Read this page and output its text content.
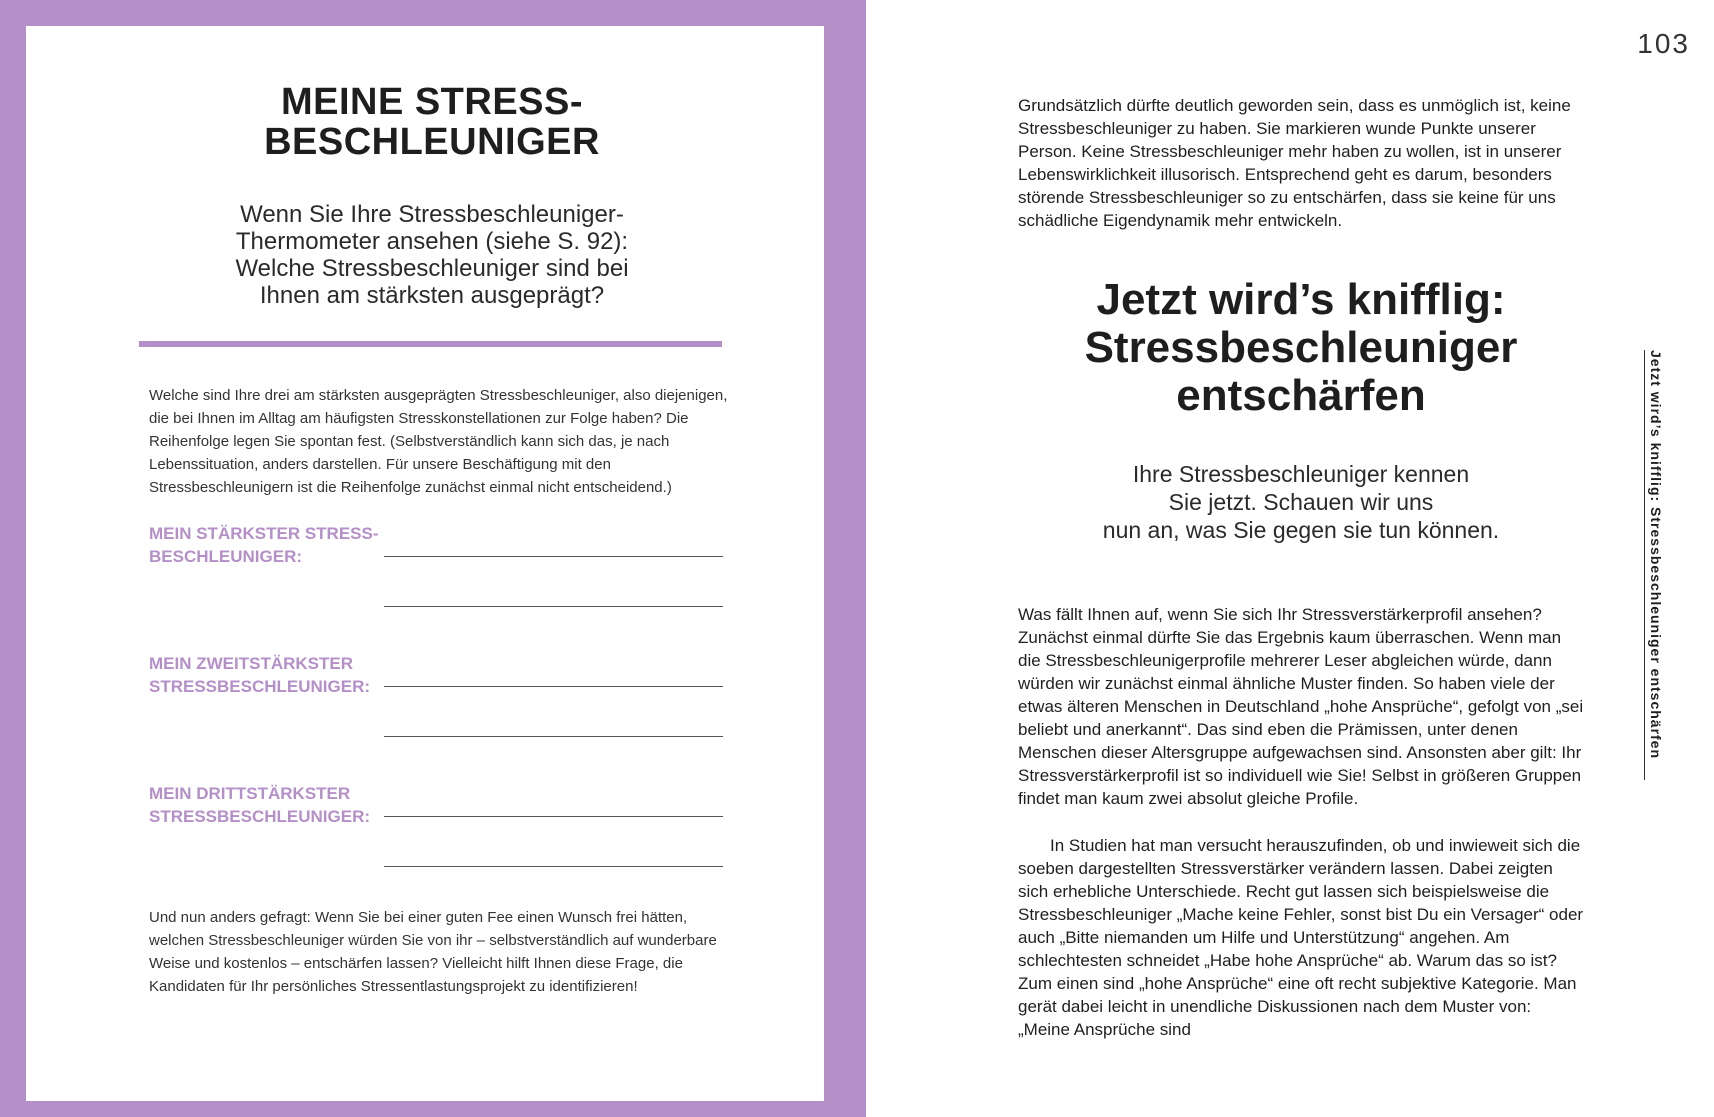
MEINE STRESS-
BESCHLEUNIGER

Wenn Sie Ihre Stressbeschleuniger-Thermometer ansehen (siehe S. 92): Welche Stressbeschleuniger sind bei Ihnen am stärksten ausgeprägt?

Welche sind Ihre drei am stärksten ausgeprägten Stressbeschleuniger, also diejenigen, die bei Ihnen im Alltag am häufigsten Stresskonstellationen zur Folge haben? Die Reihenfolge legen Sie spontan fest. (Selbstverständlich kann sich das, je nach Lebenssituation, anders darstellen. Für unsere Beschäftigung mit den Stressbeschleunigern ist die Reihenfolge zunächst einmal nicht entscheidend.)

MEIN STÄRKSTER STRESS-
BESCHLEUNIGER:

MEIN ZWEITSTÄRKSTER
STRESSBESCHLEUNIGER:

MEIN DRITTSTÄRKSTER
STRESSBESCHLEUNIGER:

Und nun anders gefragt: Wenn Sie bei einer guten Fee einen Wunsch frei hätten, welchen Stressbeschleuniger würden Sie von ihr – selbstverständlich auf wunderbare Weise und kostenlos – entschärfen lassen? Vielleicht hilft Ihnen diese Frage, die Kandidaten für Ihr persönliches Stressentlastungsprojekt zu identifizieren!

103

Grundsätzlich dürfte deutlich geworden sein, dass es unmöglich ist, keine Stressbeschleuniger zu haben. Sie markieren wunde Punkte unserer Person. Keine Stressbeschleuniger mehr haben zu wollen, ist in unserer Lebenswirklichkeit illusorisch. Entsprechend geht es darum, besonders störende Stressbeschleuniger so zu entschärfen, dass sie keine für uns schädliche Eigendynamik mehr entwickeln.

Jetzt wird’s knifflig:
Stressbeschleuniger
entschärfen

Ihre Stressbeschleuniger kennen
Sie jetzt. Schauen wir uns
nun an, was Sie gegen sie tun können.

Was fällt Ihnen auf, wenn Sie sich Ihr Stressverstärkerprofil ansehen? Zunächst einmal dürfte Sie das Ergebnis kaum überraschen. Wenn man die Stressbeschleunigerprofile mehrerer Leser abgleichen würde, dann würden wir zunächst einmal ähnliche Muster finden. So haben viele der etwas älteren Menschen in Deutschland „hohe Ansprüche“, gefolgt von „sei beliebt und anerkannt“. Das sind eben die Prämissen, unter denen Menschen dieser Altersgruppe aufgewachsen sind. Ansonsten aber gilt: Ihr Stressverstärkerprofil ist so individuell wie Sie! Selbst in größeren Gruppen findet man kaum zwei absolut gleiche Profile.

In Studien hat man versucht herauszufinden, ob und inwieweit sich die soeben dargestellten Stressverstärker verändern lassen. Dabei zeigten sich erhebliche Unterschiede. Recht gut lassen sich beispielsweise die Stressbeschleuniger „Mache keine Fehler, sonst bist Du ein Versager“ oder auch „Bitte niemanden um Hilfe und Unterstützung“ angehen. Am schlechtesten schneidet „Habe hohe Ansprüche“ ab. Warum das so ist? Zum einen sind „hohe Ansprüche“ eine oft recht subjektive Kategorie. Man gerät dabei leicht in unendliche Diskussionen nach dem Muster von: „Meine Ansprüche sind

Jetzt wird’s knifflig: Stressbeschleuniger entschärfen
